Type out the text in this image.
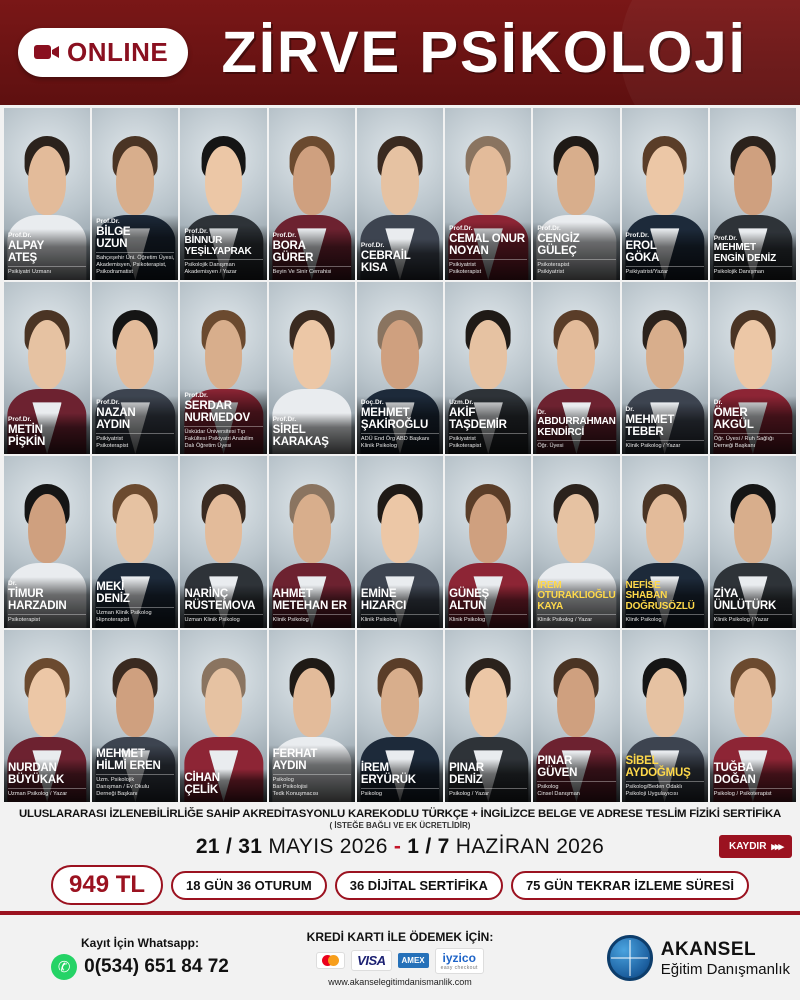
ONLINE ZİRVE PSİKOLOJİ
Prof.Dr.
ALPAY
ATEŞ
Psikiyatri Uzmanı
Prof.Dr.
BİLGE
UZUN
Bahçeşehir Üni. Öğretim Üyesi,
Akademisyen, Psikoterapist,
Psikodramatist
Prof.Dr.
BİNNUR
YEŞİLYAPRAK
Psikolojik Danışman
Akademisyen / Yazar
Prof.Dr.
BORA
GÜRER
Beyin Ve Sinir Cerrahisi
Prof.Dr.
CEBRAİL
KISA
Prof.Dr.
CEMAL ONUR
NOYAN
Psikiyatrist
Psikoterapist
Prof.Dr.
CENGİZ
GÜLEÇ
Psikoterapist
Psikiyatrist
Prof.Dr.
EROL
GÖKA
Psikiyatrist/Yazar
Prof.Dr.
MEHMET
ENGİN DENİZ
Psikolojik Danışman
Prof.Dr.
METİN
PİŞKİN
Prof.Dr.
NAZAN
AYDIN
Psikiyatrist
Psikoterapist
Prof.Dr.
SERDAR
NURMEDOV
Üsküdar Üniversitesi Tıp
Fakültesi Psikiyatri Anabilim
Dalı Öğretim Üyesi
Prof.Dr.
SİREL
KARAKAŞ
Doç.Dr.
MEHMET
ŞAKİROĞLU
ADÜ End Örg ABD Başkanı
Klinik Psikolog
Uzm.Dr.
AKİF
TAŞDEMİR
Psikiyatrist
Psikoterapist
Dr.
ABDURRAHMAN
KENDİRCİ
Öğr. Üyesi
Dr.
MEHMET
TEBER
Klinik Psikolog / Yazar
Dr.
ÖMER
AKGÜL
Öğr. Üyesi / Ruh Sağlığı
Derneği Başkanı
Dr.
TİMUR
HARZADIN
Psikoterapist
MEKİ
DENİZ
Uzman Klinik Psikolog
Hipnoterapist
NARİNÇ
RÜSTEMOVA
Uzman Klinik Psikolog
AHMET
METEHAN ER
Klinik Psikolog
EMİNE
HIZARCI
Klinik Psikolog
GÜNEŞ
ALTUN
Klinik Psikolog
İREM
OTURAKLIOĞLU KAYA
Klinik Psikolog / Yazar
NEFİSE SHABAN
DOĞRUSÖZLÜ
Klinik Psikolog
ZİYA
ÜNLÜTÜRK
Klinik Psikolog / Yazar
NURDAN
BÜYÜKAK
Uzman Psikolog / Yazar
MEHMET
HİLMİ EREN
Uzm. Psikolojik
Danışman / Ev Okulu
Derneği Başkanı
CİHAN
ÇELİK
FERHAT
AYDIN
Psikolog
Bar Psikolojisi
Tedk Konuşmacısı
İREM
ERYÜRÜK
Psikolog
PINAR
DENİZ
Psikolog / Yazar
PINAR
GÜVEN
Psikolog
Cinsel Danışman
SİBEL
AYDOĞMUŞ
Psikolog/Beden Odaklı
Psikoloji Uygulayıcısı
TUĞBA
DOĞAN
Psikolog / Psikoterapist
ULUSLARARASI İZLENEBİLİRLİĞE SAHİP AKREDİTASYONLU KAREKODLU TÜRKÇE + İNGİLİZCE BELGE VE ADRESE TESLİM FİZİKİ SERTİFİKA
( İSTEĞE BAĞLI VE EK ÜCRETLİDİR)
21 / 31 MAYIS 2026 - 1 / 7 HAZİRAN 2026	KAYDIR ▸▸▸
949 TL	18 GÜN 36 OTURUM	36 DİJİTAL SERTİFİKA	75 GÜN TEKRAR İZLEME SÜRESİ
Kayıt İçin Whatsapp:
✆ 0(534) 651 84 72
KREDİ KARTI İLE ÖDEMEK İÇİN:
VISA	AMEX	iyzico
easy checkout
www.akanselegitimdanismanlik.com
AKANSEL
Eğitim Danışmanlık
